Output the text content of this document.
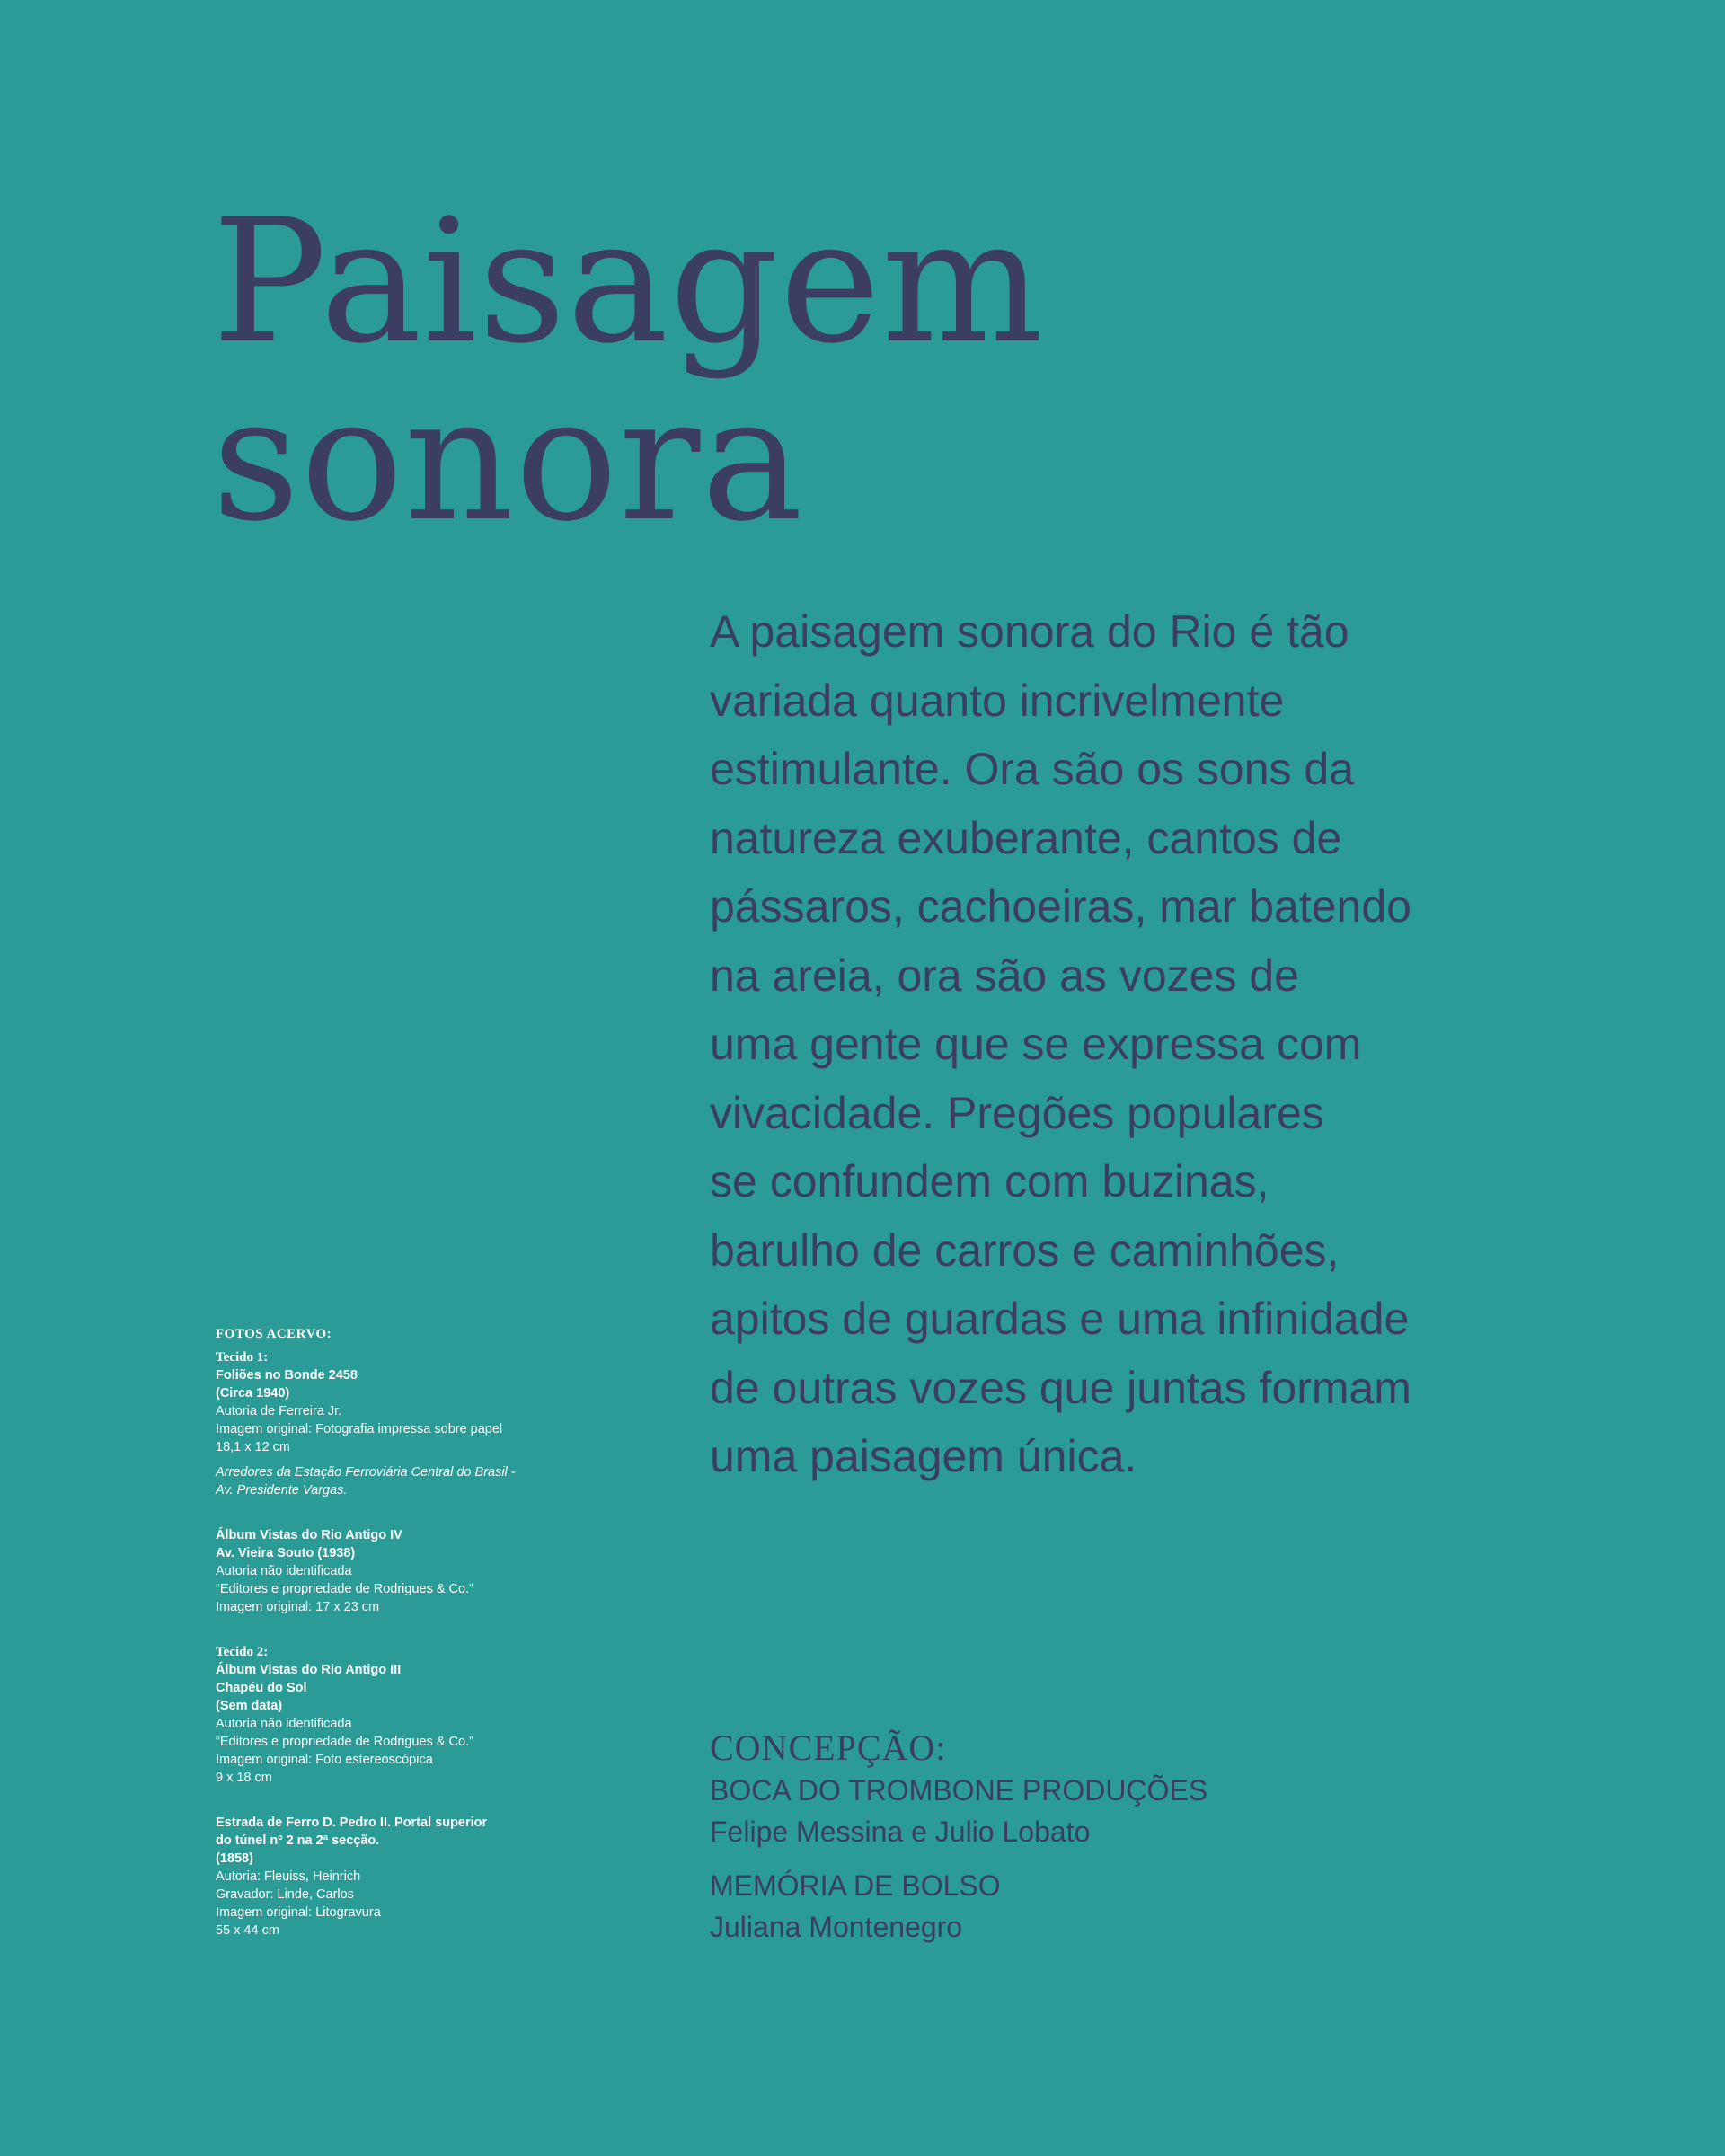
Paisagem
sonora

A paisagem sonora do Rio é tão
variada quanto incrivelmente
estimulante. Ora são os sons da
natureza exuberante, cantos de
pássaros, cachoeiras, mar batendo
na areia, ora são as vozes de
uma gente que se expressa com
vivacidade. Pregões populares
se confundem com buzinas,
barulho de carros e caminhões,
apitos de guardas e uma infinidade
de outras vozes que juntas formam
uma paisagem única.

FOTOS ACERVO:
Tecido 1:
Foliões no Bonde 2458
(Circa 1940)
Autoria de Ferreira Jr.
Imagem original: Fotografia impressa sobre papel
18,1 x 12 cm
Arredores da Estação Ferroviária Central do Brasil -
Av. Presidente Vargas.
Álbum Vistas do Rio Antigo IV
Av. Vieira Souto (1938)
Autoria não identificada
“Editores e propriedade de Rodrigues & Co.”
Imagem original: 17 x 23 cm
Tecido 2:
Álbum Vistas do Rio Antigo III
Chapéu do Sol
(Sem data)
Autoria não identificada
“Editores e propriedade de Rodrigues & Co.”
Imagem original: Foto estereoscópica
9 x 18 cm
Estrada de Ferro D. Pedro II. Portal superior
do túnel nº 2 na 2ª secção.
(1858)
Autoria: Fleuiss, Heinrich
Gravador: Linde, Carlos
Imagem original: Litogravura
55 x 44 cm
CONCEPÇÃO:
BOCA DO TROMBONE PRODUÇÕES
Felipe Messina e Julio Lobato
MEMÓRIA DE BOLSO
Juliana Montenegro
